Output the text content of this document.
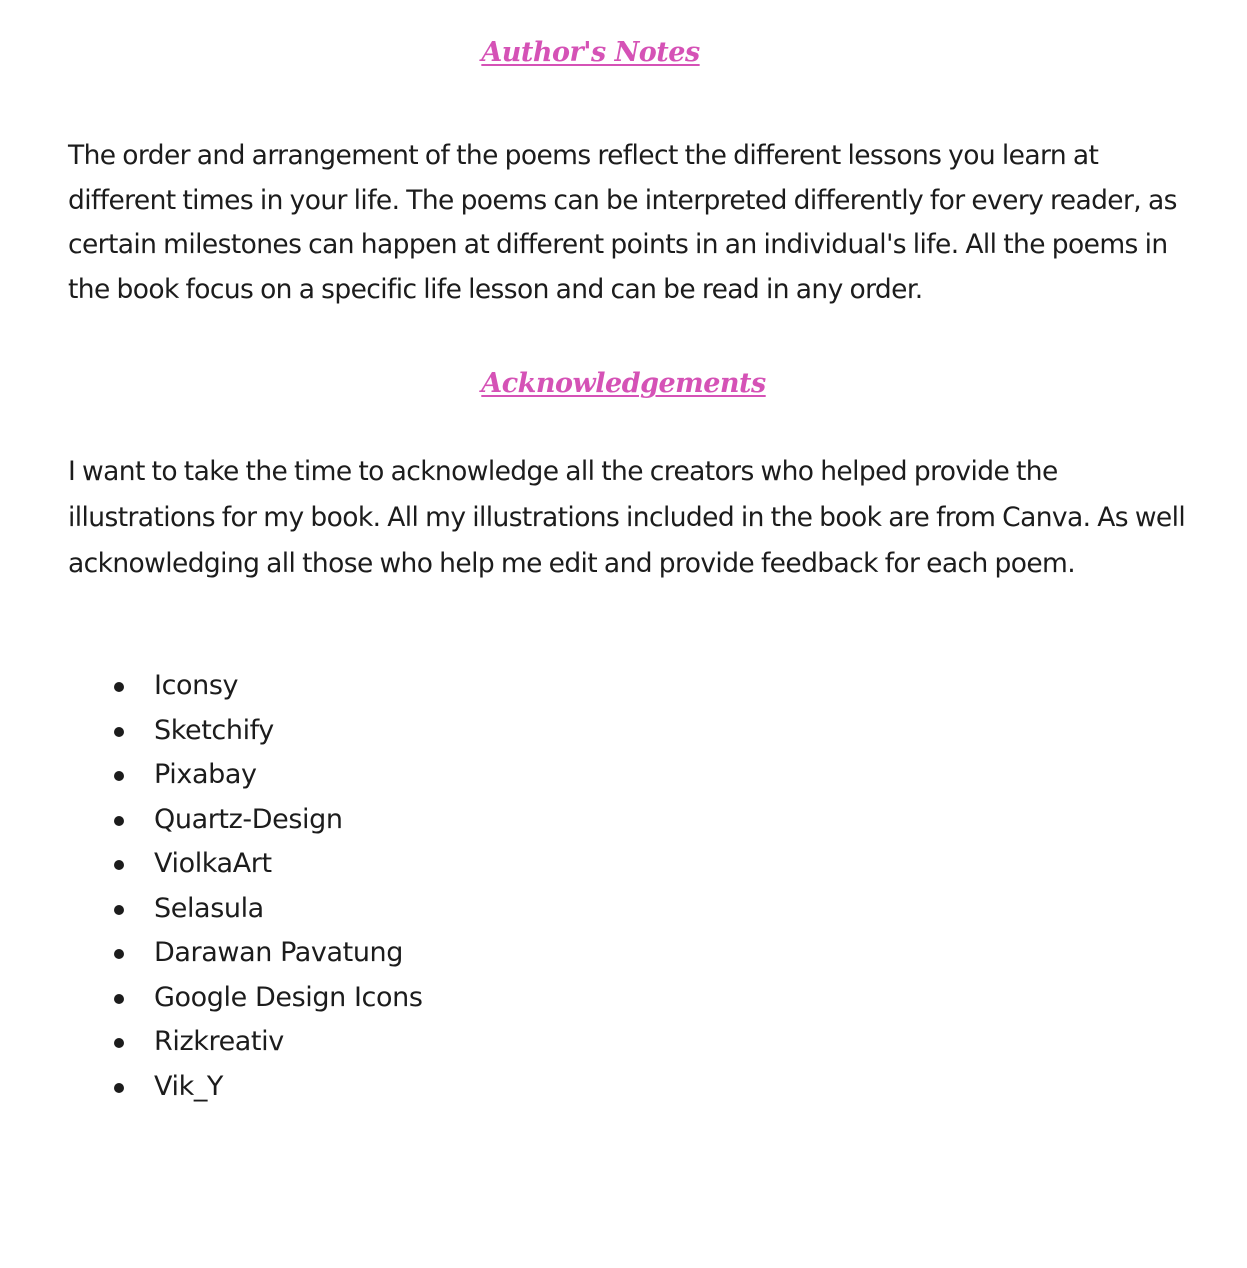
Author's Notes

The order and arrangement of the poems reflect the different lessons you learn at different times in your life. The poems can be interpreted differently for every reader, as certain milestones can happen at different points in an individual's life. All the poems in the book focus on a specific life lesson and can be read in any order.

Acknowledgements

I want to take the time to acknowledge all the creators who helped provide the illustrations for my book. All my illustrations included in the book are from Canva. As well acknowledging all those who help me edit and provide feedback for each poem.

Iconsy
Sketchify
Pixabay
Quartz-Design
ViolkaArt
Selasula
Darawan Pavatung
Google Design Icons
Rizkreativ
Vik_Y
